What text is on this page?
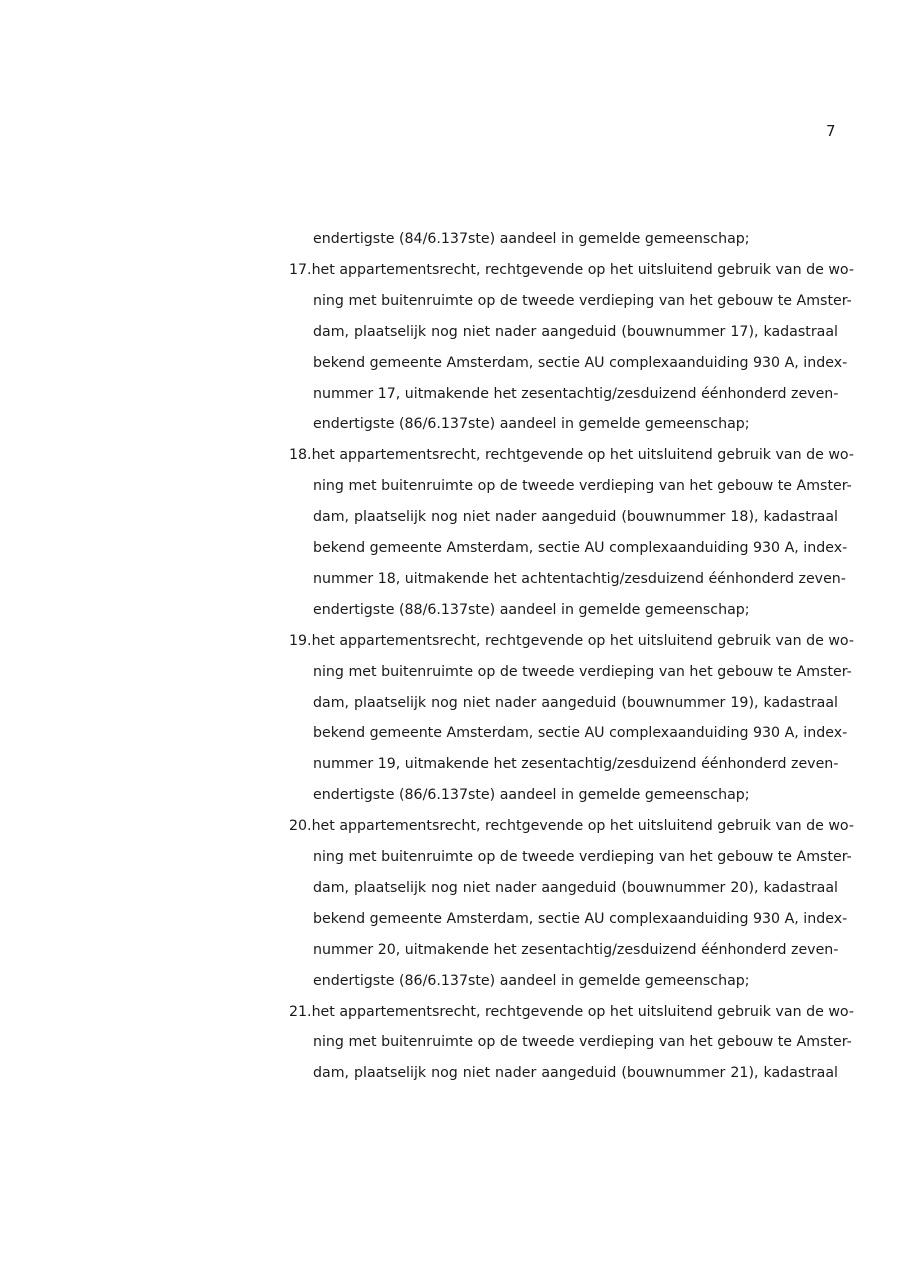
7
endertigste (84/6.137ste) aandeel in gemelde gemeenschap;
17.het appartementsrecht, rechtgevende op het uitsluitend gebruik van de wo-
ning met buitenruimte op de tweede verdieping van het gebouw te Amster-
dam, plaatselijk nog niet nader aangeduid (bouwnummer 17), kadastraal
bekend gemeente Amsterdam, sectie AU complexaanduiding 930 A, index-
nummer 17, uitmakende het zesentachtig/zesduizend éénhonderd zeven-
endertigste (86/6.137ste) aandeel in gemelde gemeenschap;
18.het appartementsrecht, rechtgevende op het uitsluitend gebruik van de wo-
ning met buitenruimte op de tweede verdieping van het gebouw te Amster-
dam, plaatselijk nog niet nader aangeduid (bouwnummer 18), kadastraal
bekend gemeente Amsterdam, sectie AU complexaanduiding 930 A, index-
nummer 18, uitmakende het achtentachtig/zesduizend éénhonderd zeven-
endertigste (88/6.137ste) aandeel in gemelde gemeenschap;
19.het appartementsrecht, rechtgevende op het uitsluitend gebruik van de wo-
ning met buitenruimte op de tweede verdieping van het gebouw te Amster-
dam, plaatselijk nog niet nader aangeduid (bouwnummer 19), kadastraal
bekend gemeente Amsterdam, sectie AU complexaanduiding 930 A, index-
nummer 19, uitmakende het zesentachtig/zesduizend éénhonderd zeven-
endertigste (86/6.137ste) aandeel in gemelde gemeenschap;
20.het appartementsrecht, rechtgevende op het uitsluitend gebruik van de wo-
ning met buitenruimte op de tweede verdieping van het gebouw te Amster-
dam, plaatselijk nog niet nader aangeduid (bouwnummer 20), kadastraal
bekend gemeente Amsterdam, sectie AU complexaanduiding 930 A, index-
nummer 20, uitmakende het zesentachtig/zesduizend éénhonderd zeven-
endertigste (86/6.137ste) aandeel in gemelde gemeenschap;
21.het appartementsrecht, rechtgevende op het uitsluitend gebruik van de wo-
ning met buitenruimte op de tweede verdieping van het gebouw te Amster-
dam, plaatselijk nog niet nader aangeduid (bouwnummer 21), kadastraal
